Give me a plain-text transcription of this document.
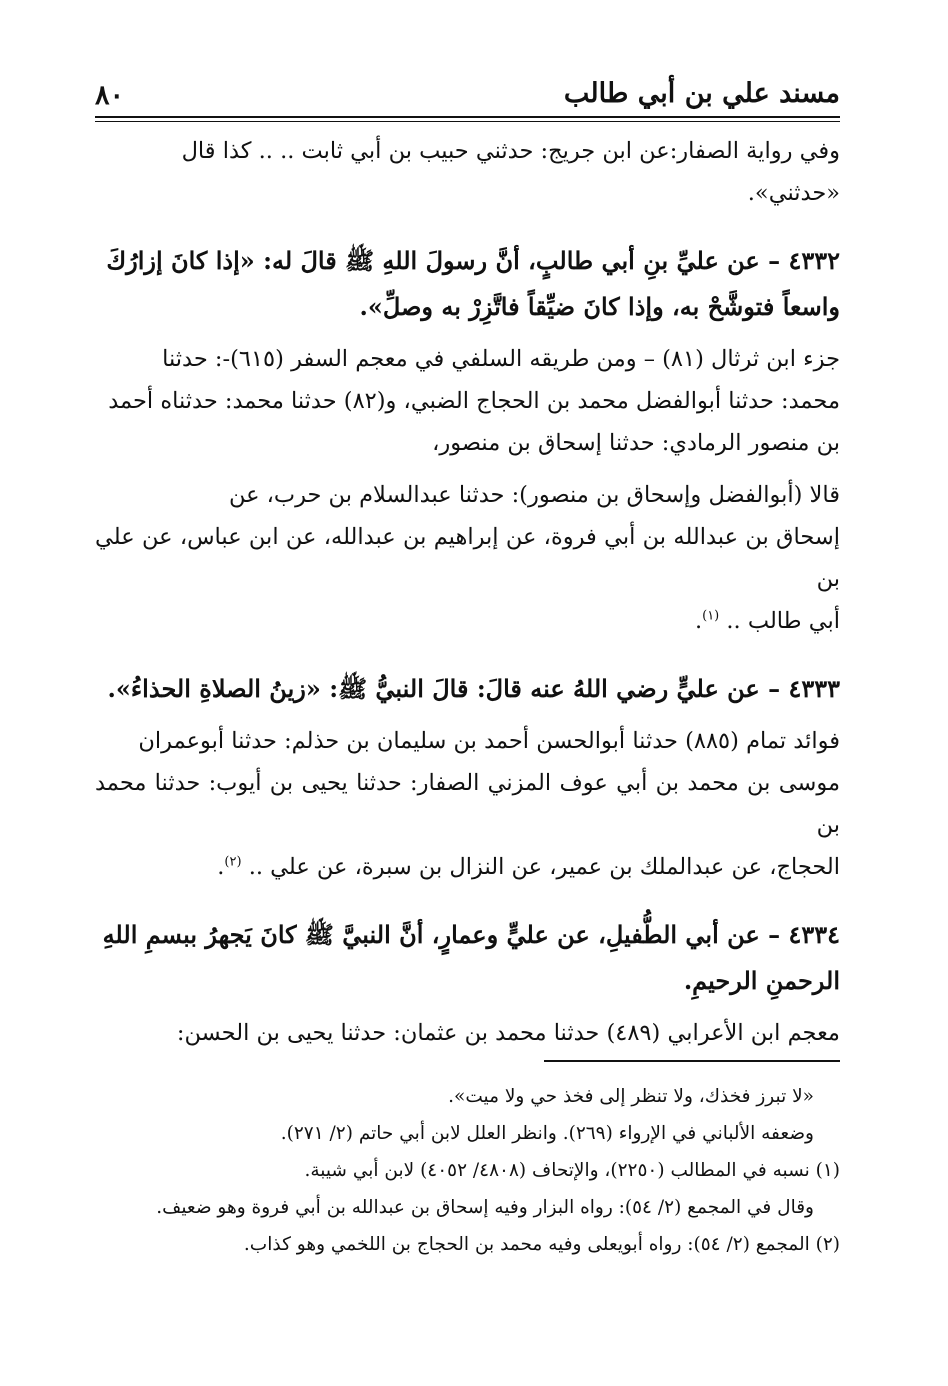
مسند علي بن أبي طالب
٨٠
وفي رواية الصفار:عن ابن جريج: حدثني حبيب بن أبي ثابت .. .. كذا قال
«حدثني».
٤٣٣٢ – عن عليِّ بنِ أبي طالبٍ، أنَّ رسولَ اللهِ ﷺ قالَ له: «إذا كانَ إزارُكَ
واسعاً فتوشَّحْ به، وإذا كانَ ضيِّقاً فاتَّزِرْ به وصلِّ».
جزء ابن ثرثال (٨١) – ومن طريقه السلفي في معجم السفر (٦١٥)-: حدثنا
محمد: حدثنا أبوالفضل محمد بن الحجاج الضبي، و(٨٢) حدثنا محمد: حدثناه أحمد
بن منصور الرمادي: حدثنا إسحاق بن منصور،
قالا (أبوالفضل وإسحاق بن منصور): حدثنا عبدالسلام بن حرب، عن
إسحاق بن عبدالله بن أبي فروة، عن إبراهيم بن عبدالله، عن ابن عباس، عن علي بن
أبي طالب .. $^{(١)}$.
٤٣٣٣ – عن عليٍّ رضي اللهُ عنه قالَ: قالَ النبيُّ ﷺ: «زينُ الصلاةِ الحذاءُ».
فوائد تمام (٨٨٥) حدثنا أبوالحسن أحمد بن سليمان بن حذلم: حدثنا أبوعمران
موسى بن محمد بن أبي عوف المزني الصفار: حدثنا يحيى بن أيوب: حدثنا محمد بن
الحجاج، عن عبدالملك بن عمير، عن النزال بن سبرة، عن علي .. $^{(٢)}$.
٤٣٣٤ – عن أبي الطُّفيلِ، عن عليٍّ وعمارٍ، أنَّ النبيَّ ﷺ كانَ يَجهرُ ببسمِ اللهِ
الرحمنِ الرحيمِ.
معجم ابن الأعرابي (٤٨٩) حدثنا محمد بن عثمان: حدثنا يحيى بن الحسن:
«لا تبرز فخذك، ولا تنظر إلى فخذ حي ولا ميت».
وضعفه الألباني في الإرواء (٢٦٩). وانظر العلل لابن أبي حاتم (٢/ ٢٧١).
(١) نسبه في المطالب (٢٢٥٠)، والإتحاف (٤٨٠٨/ ٤٠٥٢) لابن أبي شيبة.
وقال في المجمع (٢/ ٥٤): رواه البزار وفيه إسحاق بن عبدالله بن أبي فروة وهو ضعيف.
(٢) المجمع (٢/ ٥٤): رواه أبويعلى وفيه محمد بن الحجاج بن اللخمي وهو كذاب.
